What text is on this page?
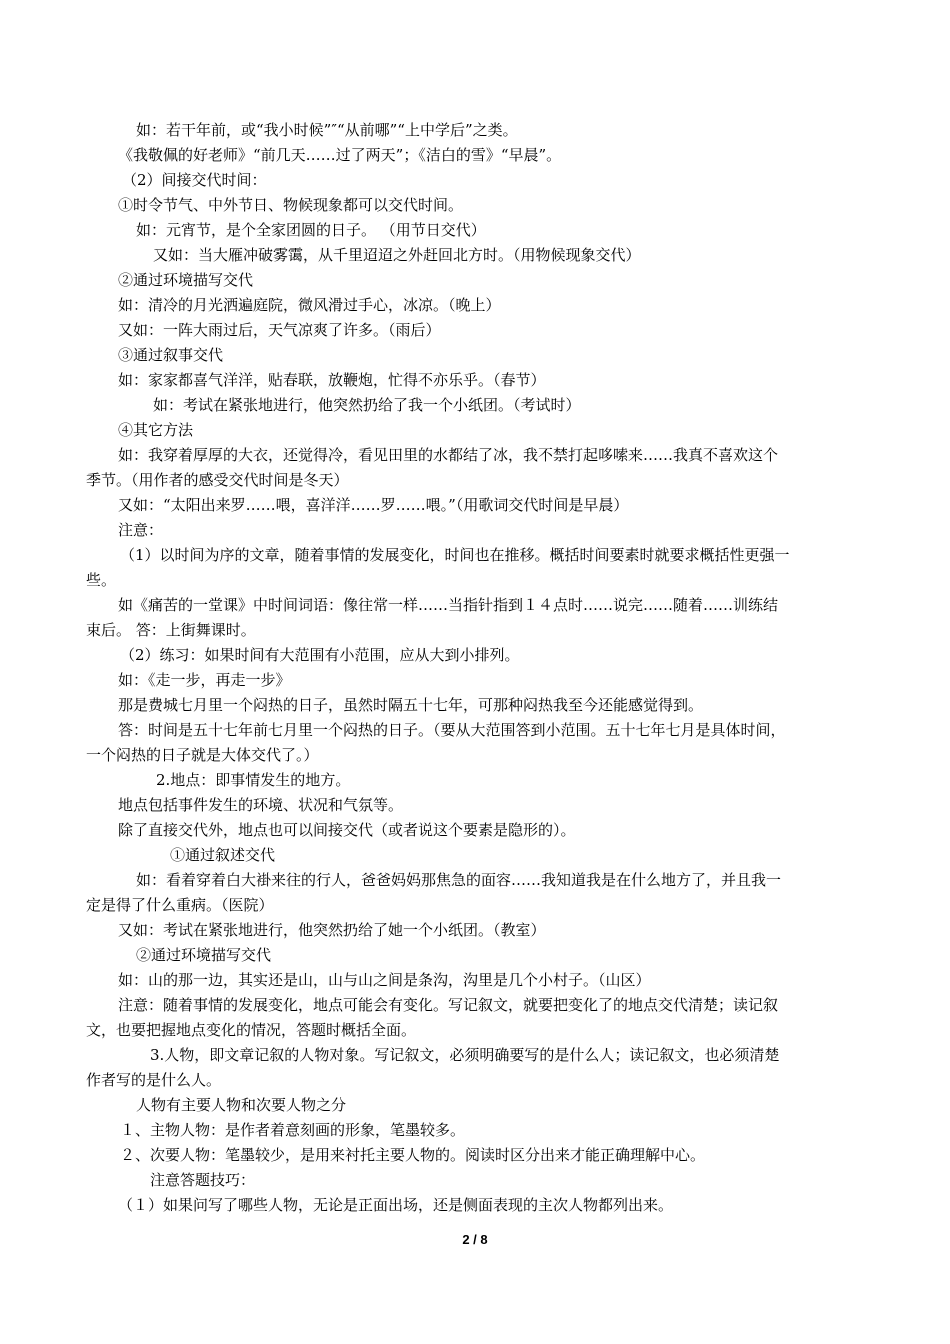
如：若干年前，或“我小时候”″“从前哪”“上中学后”之类。
《我敬佩的好老师》“前几天……过了两天”；《洁白的雪》“早晨”。
（2）间接交代时间：
①时令节气、中外节日、物候现象都可以交代时间。
如：元宵节，是个全家团圆的日子。 （用节日交代）
又如：当大雁冲破雾霭，从千里迢迢之外赶回北方时。（用物候现象交代）
②通过环境描写交代
如：清冷的月光洒遍庭院，微风滑过手心，冰凉。（晚上）
又如：一阵大雨过后，天气凉爽了许多。（雨后）
③通过叙事交代
如：家家都喜气洋洋，贴春联，放鞭炮，忙得不亦乐乎。（春节）
如：考试在紧张地进行，他突然扔给了我一个小纸团。（考试时）
④其它方法
如：我穿着厚厚的大衣，还觉得冷，看见田里的水都结了冰，我不禁打起哆嗦来……我真不喜欢这个
季节。（用作者的感受交代时间是冬天）
又如：“太阳出来罗……喂，喜洋洋……罗……喂。”（用歌词交代时间是早晨）
注意：
（1）以时间为序的文章，随着事情的发展变化，时间也在推移。概括时间要素时就要求概括性更强一
些。
如《痛苦的一堂课》中时间词语：像往常一样……当指针指到１４点时……说完……随着……训练结
束后。 答：上街舞课时。
（2）练习：如果时间有大范围有小范围，应从大到小排列。
如：《走一步，再走一步》
那是费城七月里一个闷热的日子，虽然时隔五十七年，可那种闷热我至今还能感觉得到。
答：时间是五十七年前七月里一个闷热的日子。（要从大范围答到小范围。五十七年七月是具体时间，
一个闷热的日子就是大体交代了。）
2.地点：即事情发生的地方。
地点包括事件发生的环境、状况和气氛等。
除了直接交代外，地点也可以间接交代（或者说这个要素是隐形的）。
①通过叙述交代
如：看着穿着白大褂来往的行人，爸爸妈妈那焦急的面容……我知道我是在什么地方了，并且我一
定是得了什么重病。（医院）
又如：考试在紧张地进行，他突然扔给了她一个小纸团。（教室）
②通过环境描写交代
如：山的那一边，其实还是山，山与山之间是条沟，沟里是几个小村子。（山区）
注意：随着事情的发展变化，地点可能会有变化。写记叙文，就要把变化了的地点交代清楚；读记叙
文，也要把握地点变化的情况，答题时概括全面。
3.人物，即文章记叙的人物对象。写记叙文，必须明确要写的是什么人；读记叙文，也必须清楚
作者写的是什么人。
人物有主要人物和次要人物之分
１、主物人物：是作者着意刻画的形象，笔墨较多。
２、次要人物：笔墨较少，是用来衬托主要人物的。阅读时区分出来才能正确理解中心。
注意答题技巧：
（１）如果问写了哪些人物，无论是正面出场，还是侧面表现的主次人物都列出来。
2 / 8
